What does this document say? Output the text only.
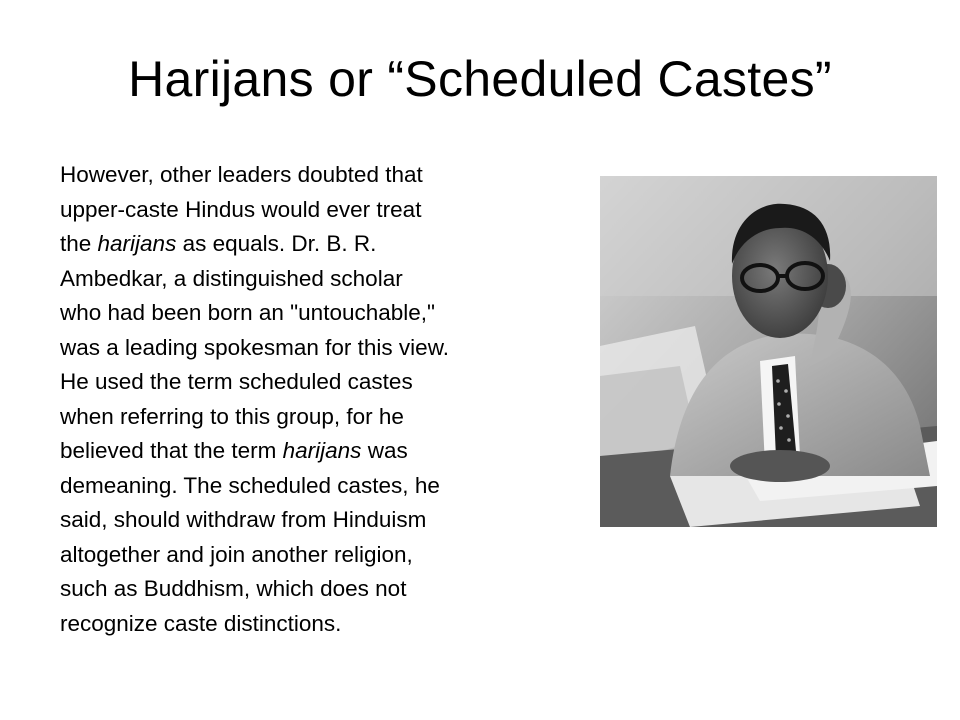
Harijans or “Scheduled Castes”
However, other leaders doubted that
upper-caste Hindus would ever treat
the harijans as equals. Dr. B. R.
Ambedkar, a distinguished scholar
who had been born an "untouchable,"
was a leading spokesman for this view.
He used the term scheduled castes
when referring to this group, for he
believed that the term harijans was
demeaning. The scheduled castes, he
said, should withdraw from Hinduism
altogether and join another religion,
such as Buddhism, which does not
recognize caste distinctions.
